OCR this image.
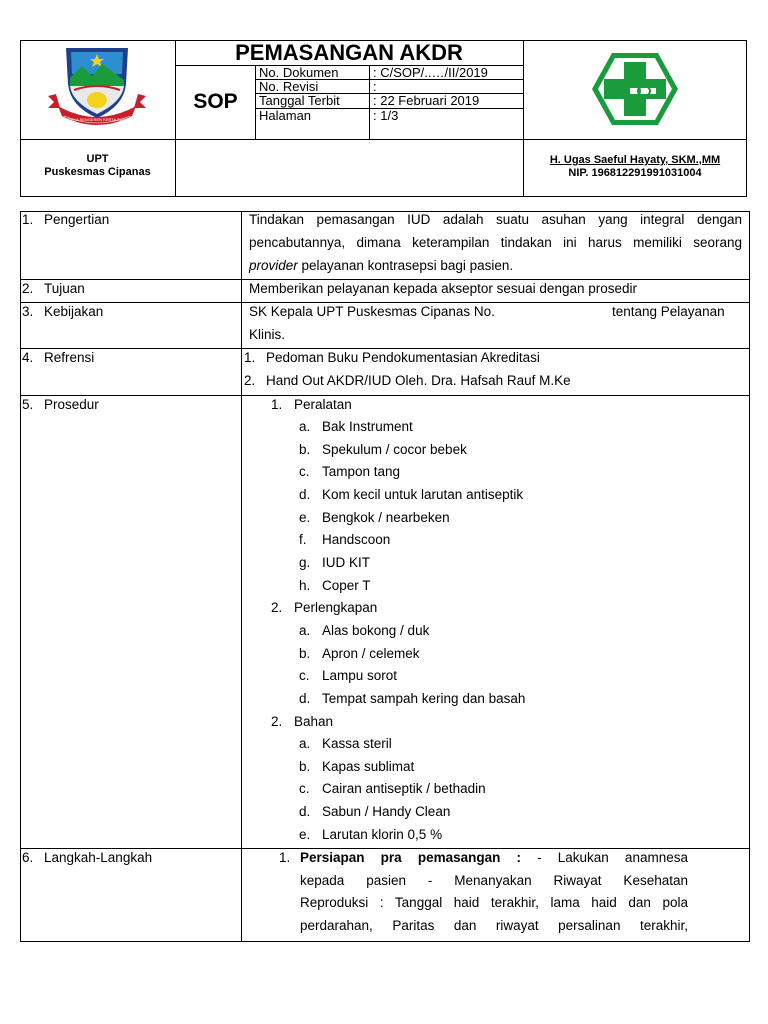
SEKA SENGEREN KERTA RAHARJA
PEMASANGAN AKDR
SOP
No. Dokumen	: C/SOP/..…/II/2019
No. Revisi	:
Tanggal Terbit	: 22 Februari 2019
Halaman	: 1/3
UPT
Puskesmas Cipanas
H. Ugas Saeful Hayaty, SKM.,MM
NIP. 196812291991031004
1. Pengertian	Tindakan pemasangan IUD adalah suatu asuhan yang integral dengan
pencabutannya, dimana keterampilan tindakan ini harus memiliki seorang
provider pelayanan kontrasepsi bagi pasien.
2. Tujuan	Memberikan pelayanan kepada akseptor sesuai dengan prosedir
3. Kebijakan	SK Kepala UPT Puskesmas Cipanas No.	tentang Pelayanan
Klinis.
4. Refrensi	1. Pedoman Buku Pendokumentasian Akreditasi
2. Hand Out AKDR/IUD Oleh. Dra. Hafsah Rauf M.Ke
5. Prosedur	1. Peralatan
a. Bak Instrument
b. Spekulum / cocor bebek
c. Tampon tang
d. Kom kecil untuk larutan antiseptik
e. Bengkok / nearbeken
f. Handscoon
g. IUD KIT
h. Coper T
2. Perlengkapan
a. Alas bokong / duk
b. Apron / celemek
c. Lampu sorot
d. Tempat sampah kering dan basah
2. Bahan
a. Kassa steril
b. Kapas sublimat
c. Cairan antiseptik / bethadin
d. Sabun / Handy Clean
e. Larutan klorin 0,5 %
6. Langkah-Langkah	1. Persiapan pra pemasangan : - Lakukan anamnesa
kepada pasien - Menanyakan Riwayat Kesehatan
Reproduksi : Tanggal haid terakhir, lama haid dan pola
perdarahan, Paritas dan riwayat persalinan terakhir,
